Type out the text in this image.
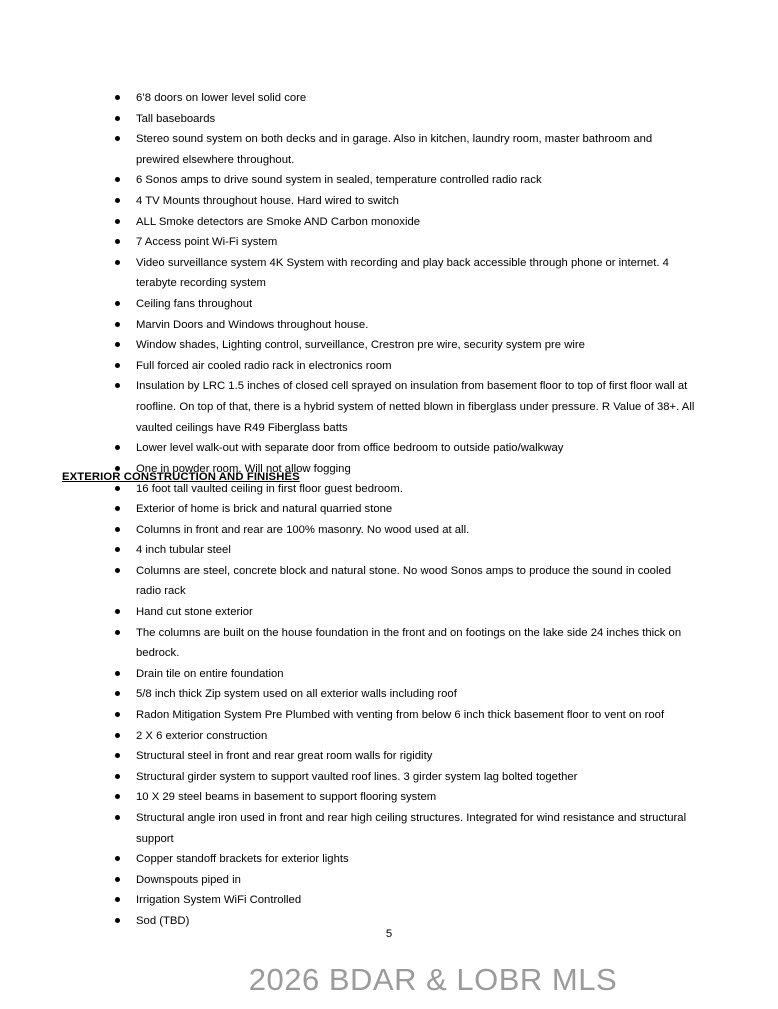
6’8 doors on lower level solid core
Tall baseboards
Stereo sound system on both decks and in garage. Also in kitchen, laundry room, master bathroom and prewired elsewhere throughout.
6 Sonos amps to drive sound system in sealed, temperature controlled radio rack
4 TV Mounts throughout house. Hard wired to switch
ALL Smoke detectors are Smoke AND Carbon monoxide
7 Access point Wi-Fi system
Video surveillance system 4K System with recording and play back accessible through phone or internet. 4 terabyte recording system
Ceiling fans throughout
Marvin Doors and Windows throughout house.
Window shades, Lighting control, surveillance, Crestron pre wire, security system pre wire
Full forced air cooled radio rack in electronics room
Insulation by LRC 1.5 inches of closed cell sprayed on insulation from basement floor to top of first floor wall at roofline. On top of that, there is a hybrid system of netted blown in fiberglass under pressure. R Value of 38+. All vaulted ceilings have R49 Fiberglass batts
Lower level walk-out with separate door from office bedroom to outside patio/walkway
One in powder room. Will not allow fogging
16 foot tall vaulted ceiling in first floor guest bedroom.
EXTERIOR CONSTRUCTION AND FINISHES
Exterior of home is brick and natural quarried stone
Columns in front and rear are 100% masonry. No wood used at all.
4 inch tubular steel
Columns are steel, concrete block and natural stone. No wood Sonos amps to produce the sound in cooled radio rack
Hand cut stone exterior
The columns are built on the house foundation in the front and on footings on the lake side 24 inches thick on bedrock.
Drain tile on entire foundation
5/8 inch thick Zip system used on all exterior walls including roof
Radon Mitigation System Pre Plumbed with venting from below 6 inch thick basement floor to vent on roof
2 X 6 exterior construction
Structural steel in front and rear great room walls for rigidity
Structural girder system to support vaulted roof lines. 3 girder system lag bolted together
10 X 29 steel beams in basement to support flooring system
Structural angle iron used in front and rear high ceiling structures. Integrated for wind resistance and structural support
Copper standoff brackets for exterior lights
Downspouts piped in
Irrigation System WiFi Controlled
Sod (TBD)
5
2026 BDAR & LOBR MLS
